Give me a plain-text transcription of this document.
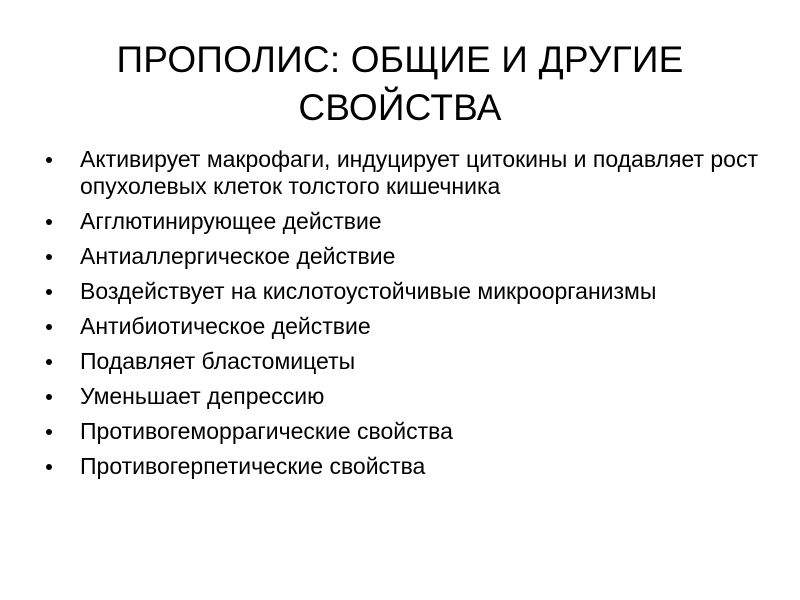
ПРОПОЛИС: ОБЩИЕ И ДРУГИЕ
СВОЙСТВА
Активирует макрофаги, индуцирует цитокины и подавляет рост опухолевых клеток толстого кишечника
Агглютинирующее действие
Антиаллергическое действие
Воздействует на кислотоустойчивые микроорганизмы
Антибиотическое действие
Подавляет бластомицеты
Уменьшает депрессию
Противогеморрагические свойства
Противогерпетические свойства
